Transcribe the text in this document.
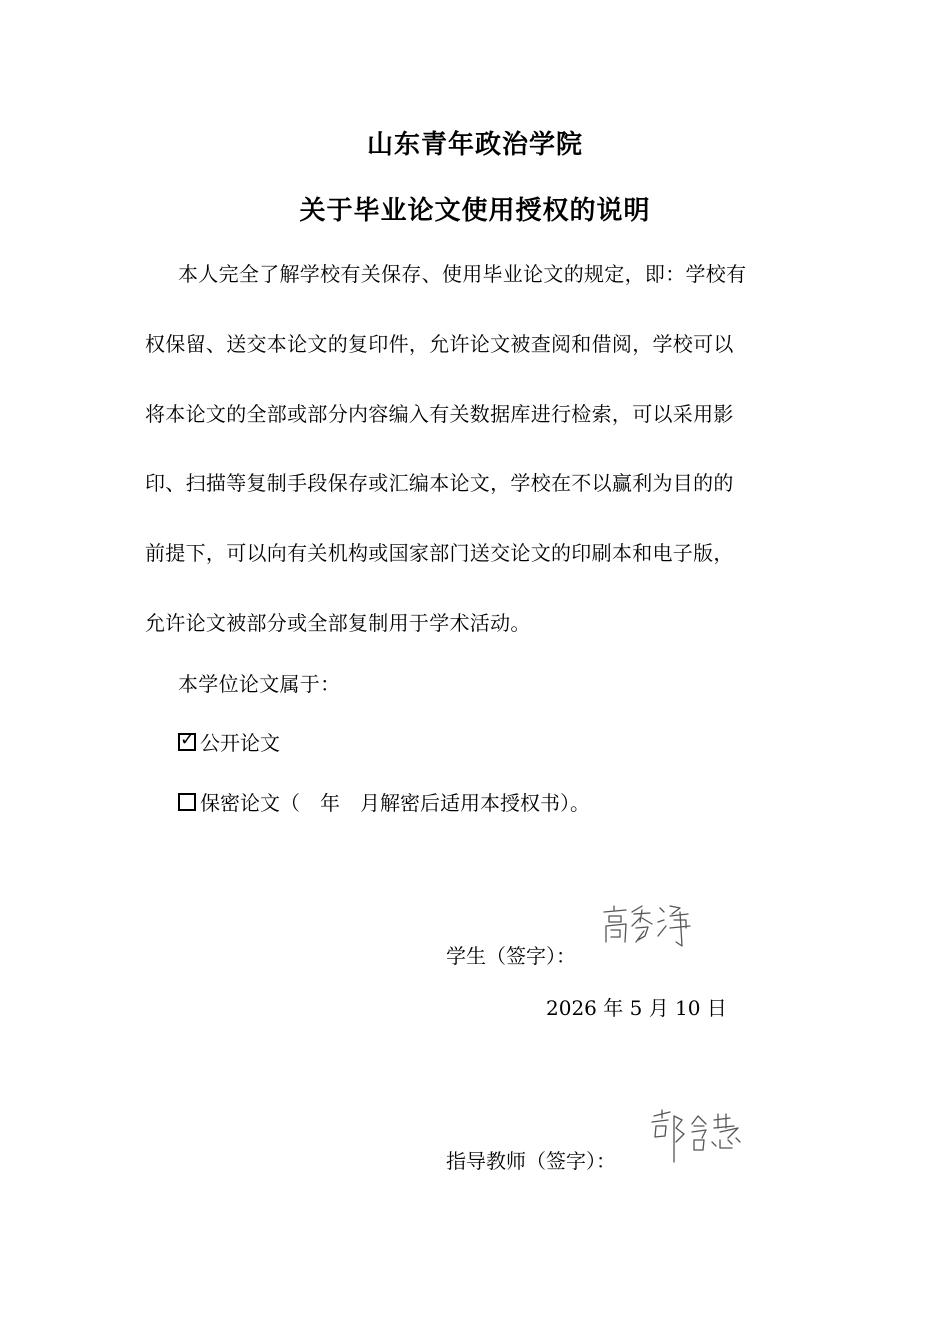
山东青年政治学院
关于毕业论文使用授权的说明
本人完全了解学校有关保存、使用毕业论文的规定，即：学校有
权保留、送交本论文的复印件，允许论文被查阅和借阅，学校可以
将本论文的全部或部分内容编入有关数据库进行检索，可以采用影
印、扫描等复制手段保存或汇编本论文，学校在不以赢利为目的的
前提下，可以向有关机构或国家部门送交论文的印刷本和电子版，
允许论文被部分或全部复制用于学术活动。
本学位论文属于：
✓ 公开论文
保密论文（　年　月解密后适用本授权书）。
学生（签字）：
2026 年 5 月 10 日
指导教师（签字）：
